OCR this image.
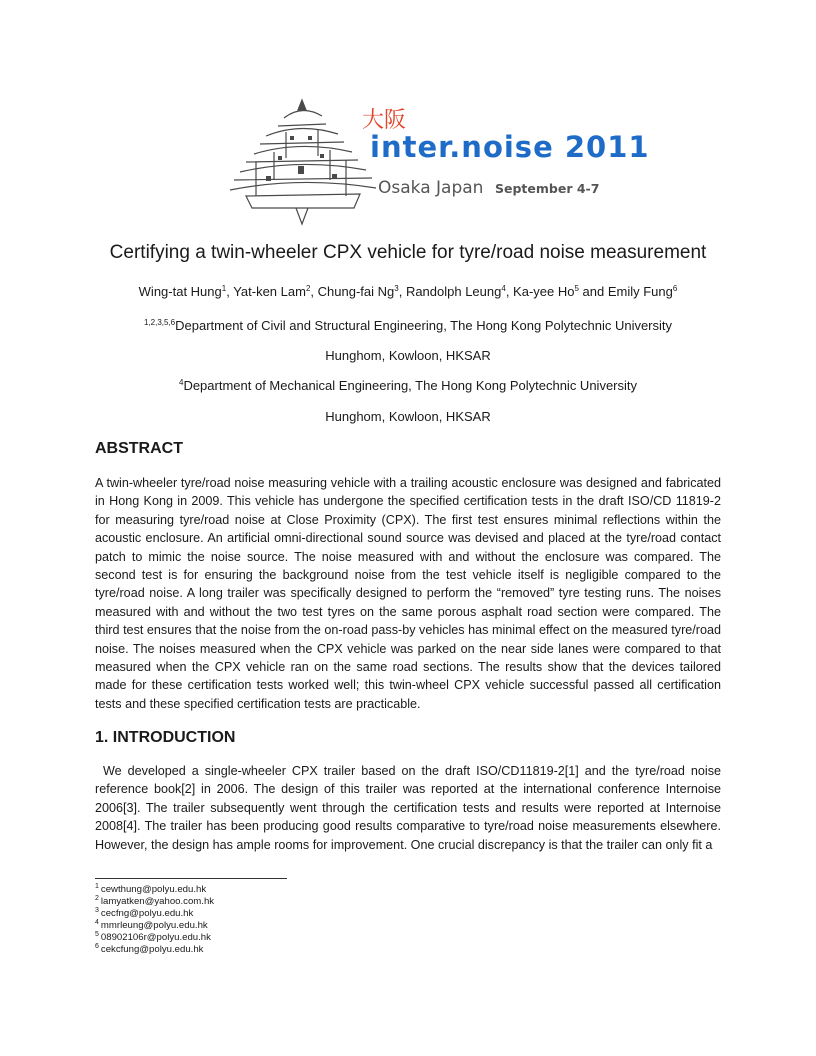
大阪
inter.noise 2011
Osaka Japan September 4-7
Certifying a twin-wheeler CPX vehicle for tyre/road noise measurement
Wing-tat Hung$^1$, Yat-ken Lam$^2$, Chung-fai Ng$^3$, Randolph Leung$^4$, Ka-yee Ho$^5$ and Emily Fung$^6$
$^{1,2,3,5,6}$Department of Civil and Structural Engineering, The Hong Kong Polytechnic University
Hunghom, Kowloon, HKSAR
$^4$Department of Mechanical Engineering, The Hong Kong Polytechnic University
Hunghom, Kowloon, HKSAR
ABSTRACT

A twin-wheeler tyre/road noise measuring vehicle with a trailing acoustic enclosure was designed and fabricated in Hong Kong in 2009. This vehicle has undergone the specified certification tests in the draft ISO/CD 11819-2 for measuring tyre/road noise at Close Proximity (CPX). The first test ensures minimal reflections within the acoustic enclosure. An artificial omni-directional sound source was devised and placed at the tyre/road contact patch to mimic the noise source. The noise measured with and without the enclosure was compared. The second test is for ensuring the background noise from the test vehicle itself is negligible compared to the tyre/road noise. A long trailer was specifically designed to perform the “removed” tyre testing runs. The noises measured with and without the two test tyres on the same porous asphalt road section were compared. The third test ensures that the noise from the on-road pass-by vehicles has minimal effect on the measured tyre/road noise. The noises measured when the CPX vehicle was parked on the near side lanes were compared to that measured when the CPX vehicle ran on the same road sections. The results show that the devices tailored made for these certification tests worked well; this twin-wheel CPX vehicle successful passed all certification tests and these specified certification tests are practicable.

1. INTRODUCTION

We developed a single-wheeler CPX trailer based on the draft ISO/CD11819-2[1] and the tyre/road noise reference book[2] in 2006. The design of this trailer was reported at the international conference Internoise 2006[3]. The trailer subsequently went through the certification tests and results were reported at Internoise 2008[4]. The trailer has been producing good results comparative to tyre/road noise measurements elsewhere. However, the design has ample rooms for improvement. One crucial discrepancy is that the trailer can only fit a

$^1$ cewthung@polyu.edu.hk
$^2$ lamyatken@yahoo.com.hk
$^3$ cecfng@polyu.edu.hk
$^4$ mmrleung@polyu.edu.hk
$^5$ 08902106r@polyu.edu.hk
$^6$ cekcfung@polyu.edu.hk
